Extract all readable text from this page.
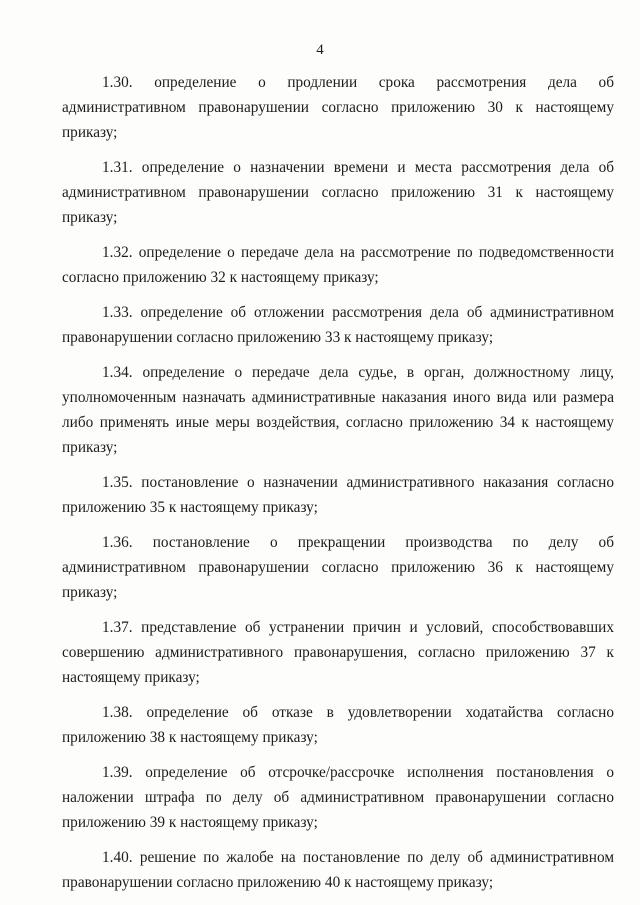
4

1.30. определение о продлении срока рассмотрения дела об административном правонарушении согласно приложению 30 к настоящему приказу;

1.31. определение о назначении времени и места рассмотрения дела об административном правонарушении согласно приложению 31 к настоящему приказу;

1.32. определение о передаче дела на рассмотрение по подведомственности согласно приложению 32 к настоящему приказу;

1.33. определение об отложении рассмотрения дела об административном правонарушении согласно приложению 33 к настоящему приказу;

1.34. определение о передаче дела судье, в орган, должностному лицу, уполномоченным назначать административные наказания иного вида или размера либо применять иные меры воздействия, согласно приложению 34 к настоящему приказу;

1.35. постановление о назначении административного наказания согласно приложению 35 к настоящему приказу;

1.36. постановление о прекращении производства по делу об административном правонарушении согласно приложению 36 к настоящему приказу;

1.37. представление об устранении причин и условий, способствовавших совершению административного правонарушения, согласно приложению 37 к настоящему приказу;

1.38. определение об отказе в удовлетворении ходатайства согласно приложению 38 к настоящему приказу;

1.39. определение об отсрочке/рассрочке исполнения постановления о наложении штрафа по делу об административном правонарушении согласно приложению 39 к настоящему приказу;

1.40. решение по жалобе на постановление по делу об административном правонарушении согласно приложению 40 к настоящему приказу;
